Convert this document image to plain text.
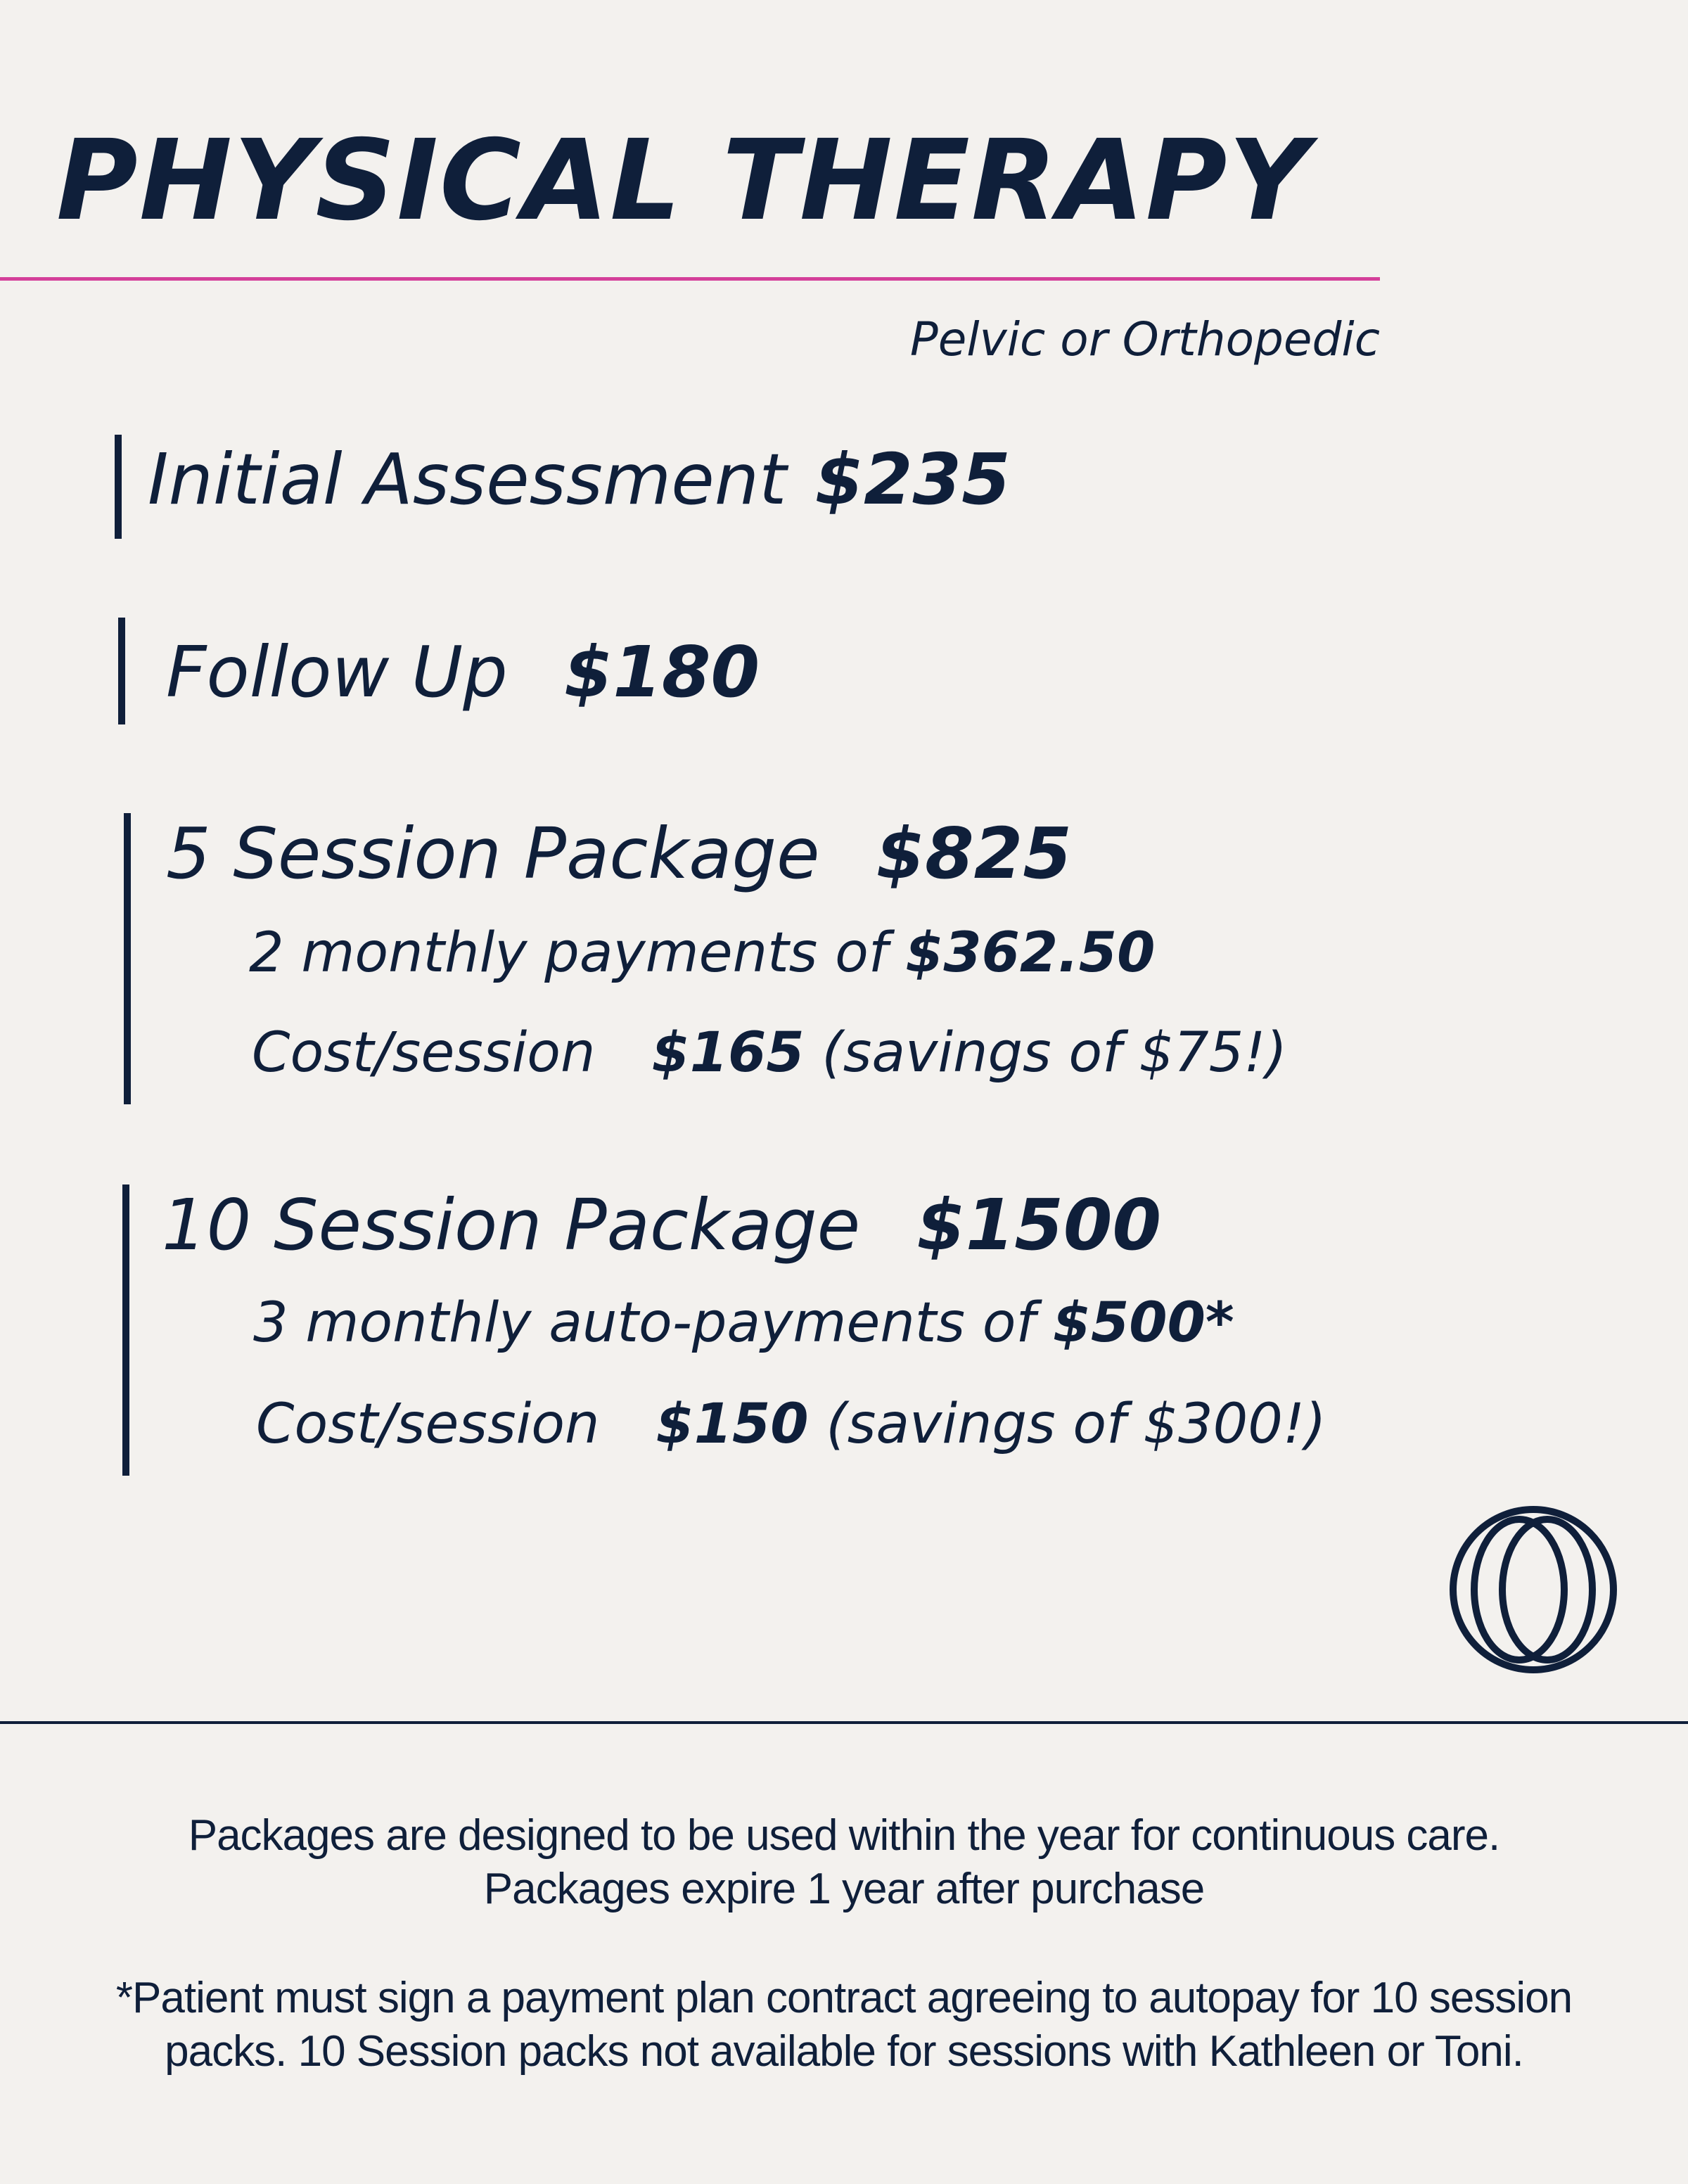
PHYSICAL THERAPY
Pelvic or Orthopedic
Initial Assessment $235
Follow Up $180
5 Session Package $825
2 monthly payments of $362.50
Cost/session $165 (savings of $75!)
10 Session Package $1500
3 monthly auto-payments of $500*
Cost/session $150 (savings of $300!)
Packages are designed to be used within the year for continuous care.
Packages expire 1 year after purchase
*Patient must sign a payment plan contract agreeing to autopay for 10 session
packs. 10 Session packs not available for sessions with Kathleen or Toni.
